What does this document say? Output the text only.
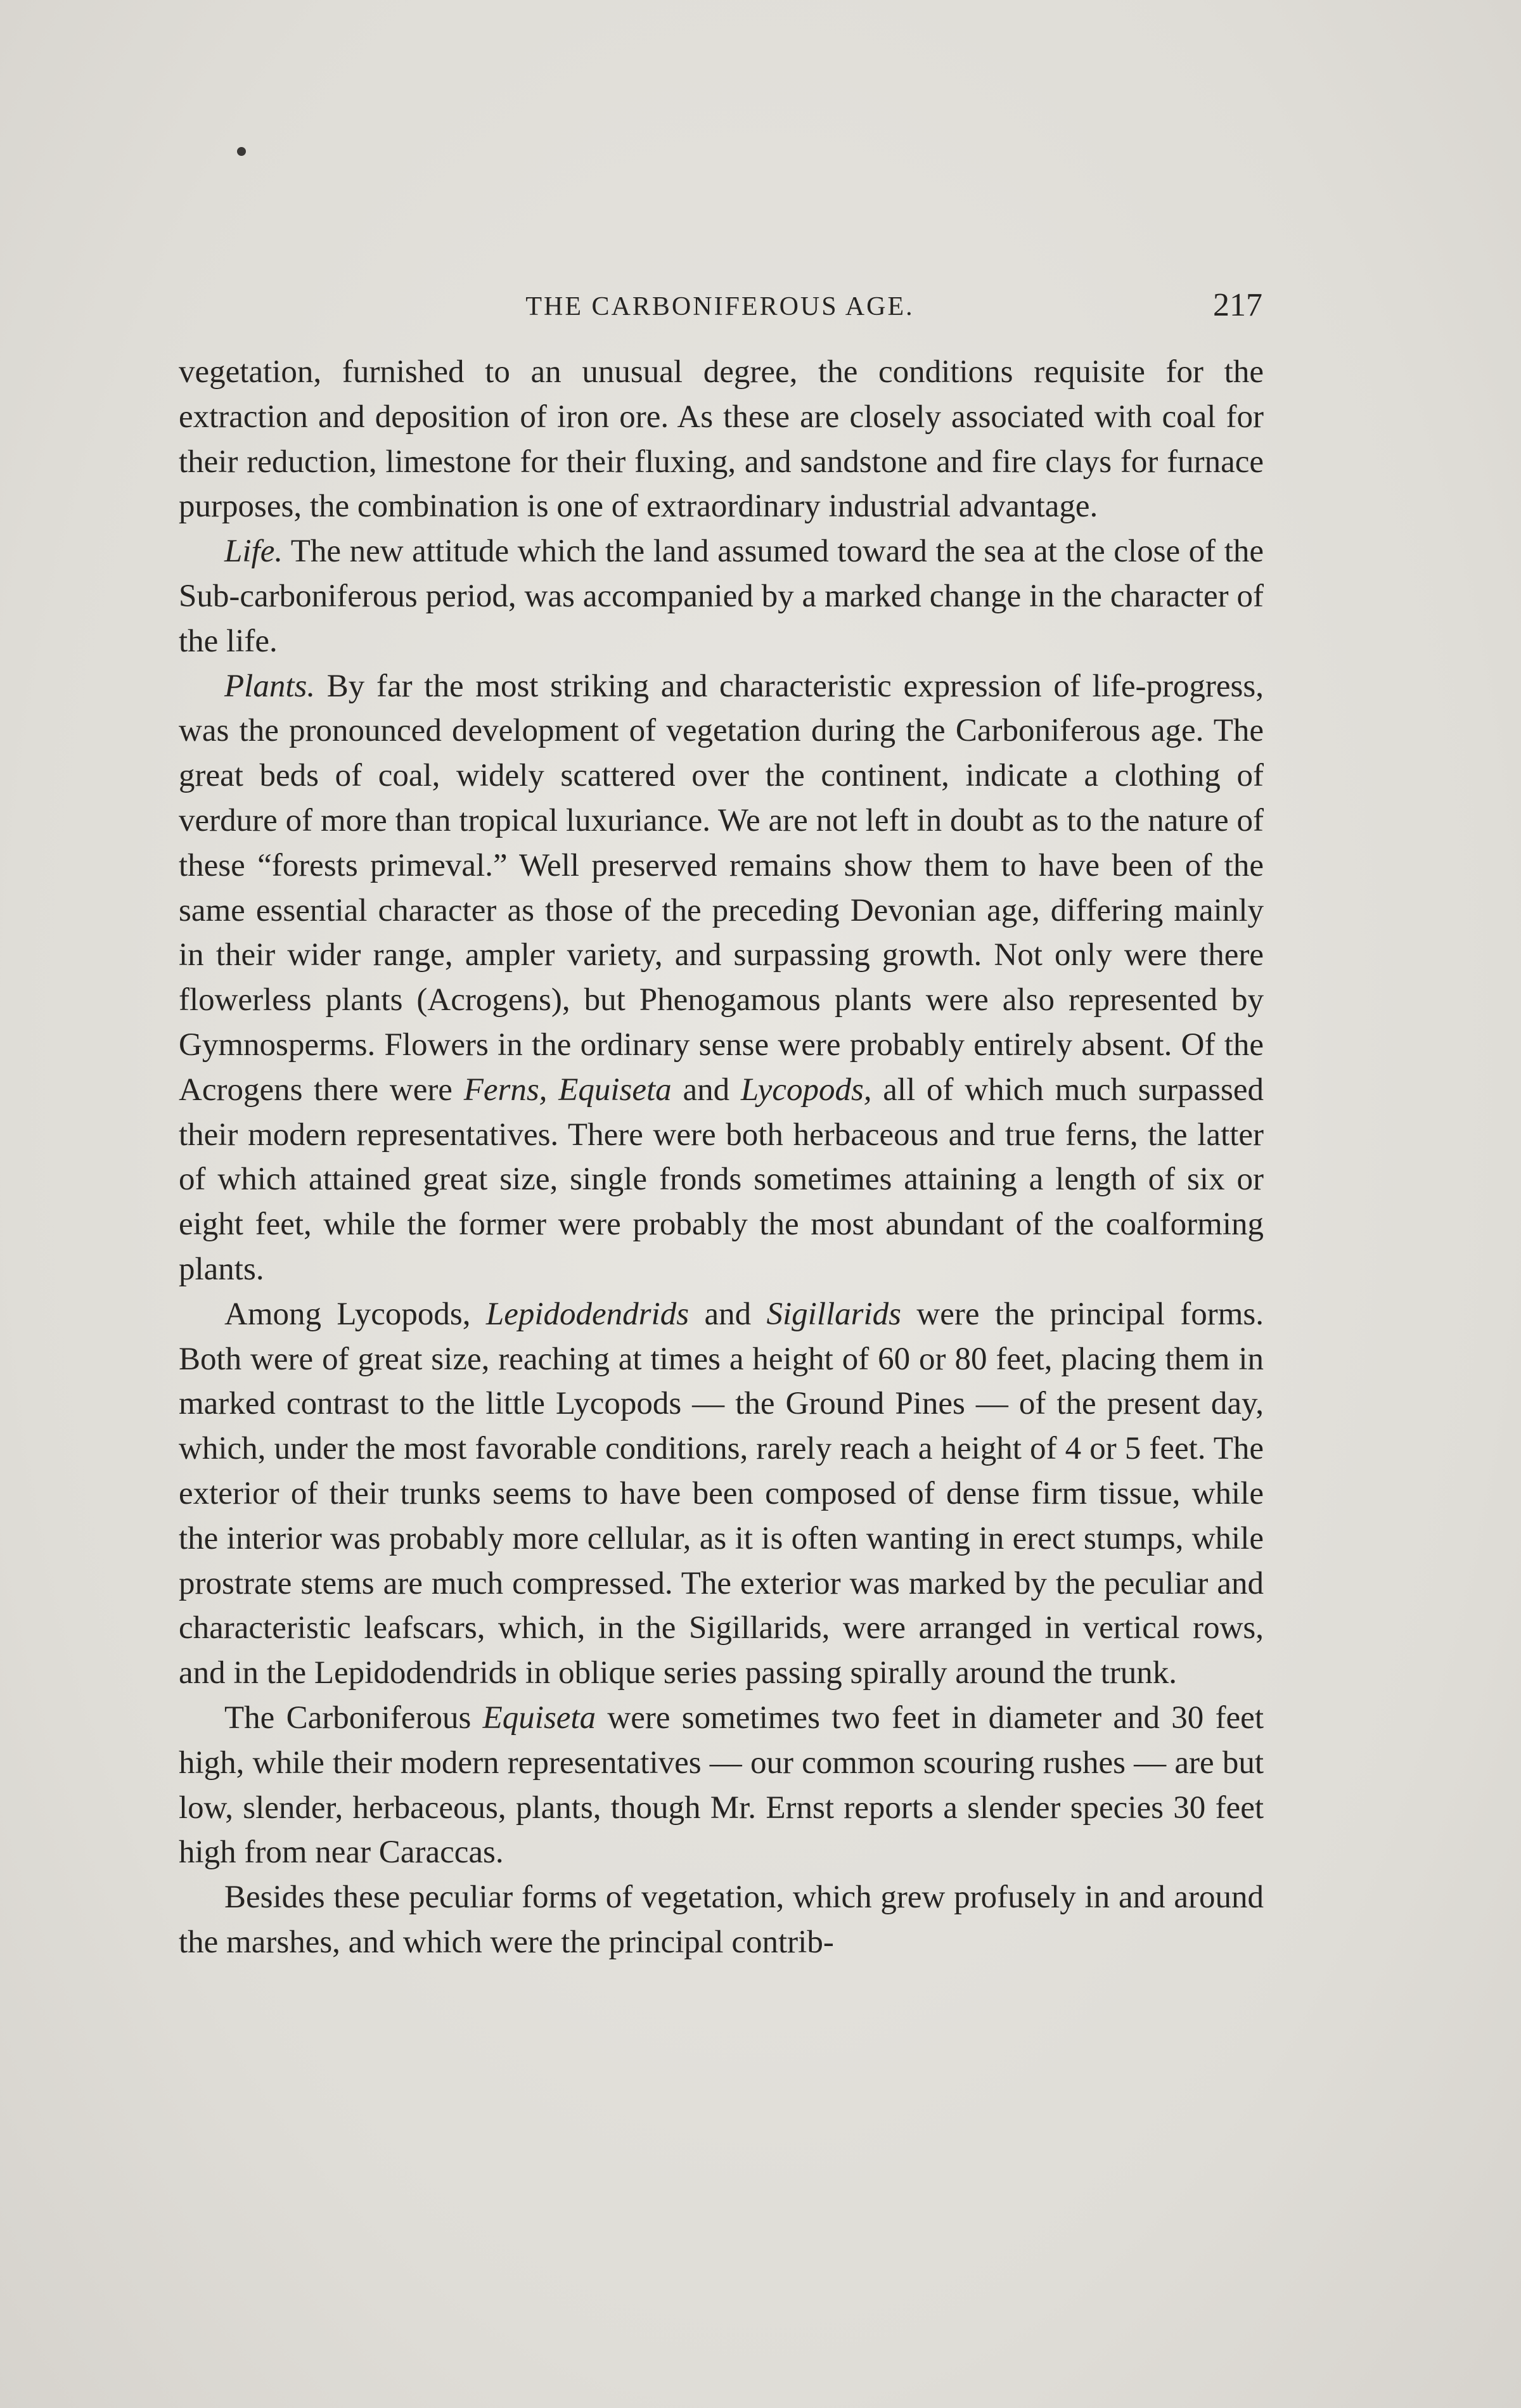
THE CARBONIFEROUS AGE.	217

vegetation, furnished to an unusual degree, the conditions requisite for the extraction and deposition of iron ore. As these are closely associated with coal for their reduction, limestone for their fluxing, and sandstone and fire clays for furnace purposes, the combination is one of extraordinary industrial advantage.

Life. The new attitude which the land assumed toward the sea at the close of the Sub-carboniferous period, was accompanied by a marked change in the character of the life.

Plants. By far the most striking and characteristic expression of life-progress, was the pronounced development of vegetation during the Carboniferous age. The great beds of coal, widely scattered over the continent, indicate a clothing of verdure of more than tropical luxuriance. We are not left in doubt as to the nature of these “forests primeval.” Well preserved remains show them to have been of the same essential character as those of the preceding Devonian age, differing mainly in their wider range, ampler variety, and surpassing growth. Not only were there flowerless plants (Acrogens), but Phenogamous plants were also represented by Gymnosperms. Flowers in the ordinary sense were probably entirely absent. Of the Acrogens there were Ferns, Equiseta and Lycopods, all of which much surpassed their modern representatives. There were both herbaceous and true ferns, the latter of which attained great size, single fronds sometimes attaining a length of six or eight feet, while the former were probably the most abundant of the coalforming plants.

Among Lycopods, Lepidodendrids and Sigillarids were the principal forms. Both were of great size, reaching at times a height of 60 or 80 feet, placing them in marked contrast to the little Lycopods — the Ground Pines — of the present day, which, under the most favorable conditions, rarely reach a height of 4 or 5 feet. The exterior of their trunks seems to have been composed of dense firm tissue, while the interior was probably more cellular, as it is often wanting in erect stumps, while prostrate stems are much compressed. The exterior was marked by the peculiar and characteristic leafscars, which, in the Sigillarids, were arranged in vertical rows, and in the Lepidodendrids in oblique series passing spirally around the trunk.

The Carboniferous Equiseta were sometimes two feet in diameter and 30 feet high, while their modern representatives — our common scouring rushes — are but low, slender, herbaceous, plants, though Mr. Ernst reports a slender species 30 feet high from near Caraccas.

Besides these peculiar forms of vegetation, which grew profusely in and around the marshes, and which were the principal contrib-
